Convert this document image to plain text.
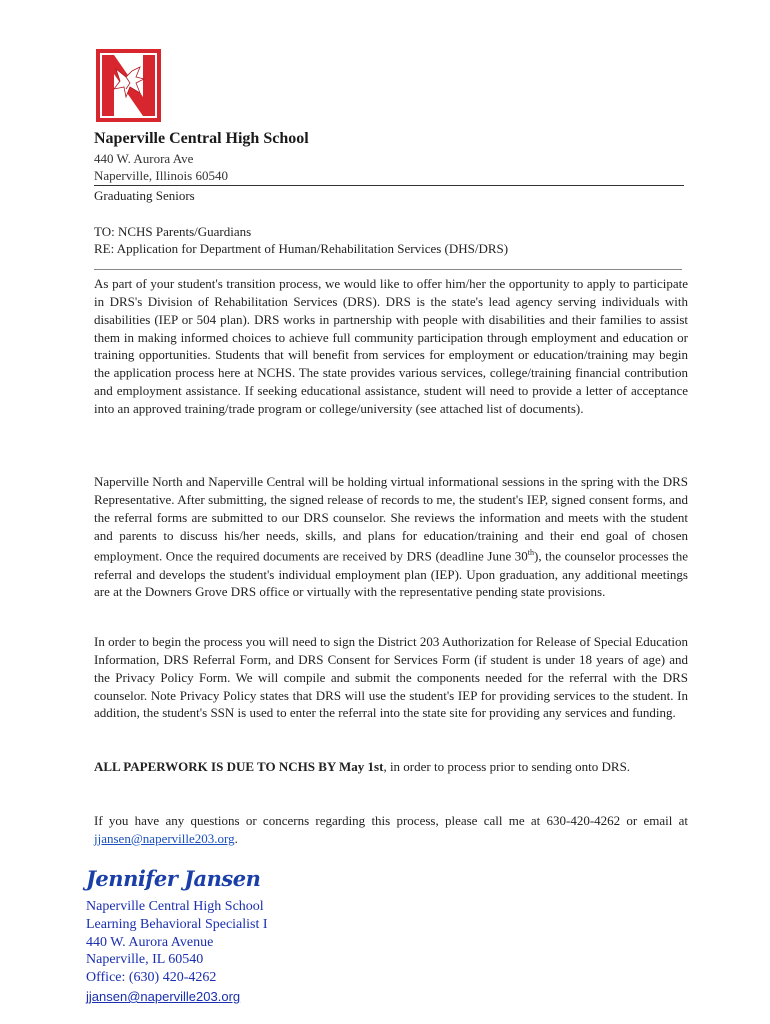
Naperville Central High School
440 W. Aurora Ave
Naperville, Illinois 60540
Graduating Seniors
TO: NCHS Parents/Guardians
RE: Application for Department of Human/Rehabilitation Services (DHS/DRS)
As part of your student's transition process, we would like to offer him/her the opportunity to apply to participate in DRS's Division of Rehabilitation Services (DRS). DRS is the state's lead agency serving individuals with disabilities (IEP or 504 plan). DRS works in partnership with people with disabilities and their families to assist them in making informed choices to achieve full community participation through employment and education or training opportunities. Students that will benefit from services for employment or education/training may begin the application process here at NCHS. The state provides various services, college/training financial contribution and employment assistance. If seeking educational assistance, student will need to provide a letter of acceptance into an approved training/trade program or college/university (see attached list of documents).
Naperville North and Naperville Central will be holding virtual informational sessions in the spring with the DRS Representative. After submitting, the signed release of records to me, the student's IEP, signed consent forms, and the referral forms are submitted to our DRS counselor. She reviews the information and meets with the student and parents to discuss his/her needs, skills, and plans for education/training and their end goal of chosen employment. Once the required documents are received by DRS (deadline June 30th), the counselor processes the referral and develops the student's individual employment plan (IEP). Upon graduation, any additional meetings are at the Downers Grove DRS office or virtually with the representative pending state provisions.
In order to begin the process you will need to sign the District 203 Authorization for Release of Special Education Information, DRS Referral Form, and DRS Consent for Services Form (if student is under 18 years of age) and the Privacy Policy Form. We will compile and submit the components needed for the referral with the DRS counselor. Note Privacy Policy states that DRS will use the student's IEP for providing services to the student. In addition, the student's SSN is used to enter the referral into the state site for providing any services and funding.
ALL PAPERWORK IS DUE TO NCHS BY May 1st, in order to process prior to sending onto DRS.
If you have any questions or concerns regarding this process, please call me at 630-420-4262 or email at jjansen@naperville203.org.
Jennifer Jansen
Naperville Central High School
Learning Behavioral Specialist I
440 W. Aurora Avenue
Naperville, IL 60540
Office: (630) 420-4262
jjansen@naperville203.org
